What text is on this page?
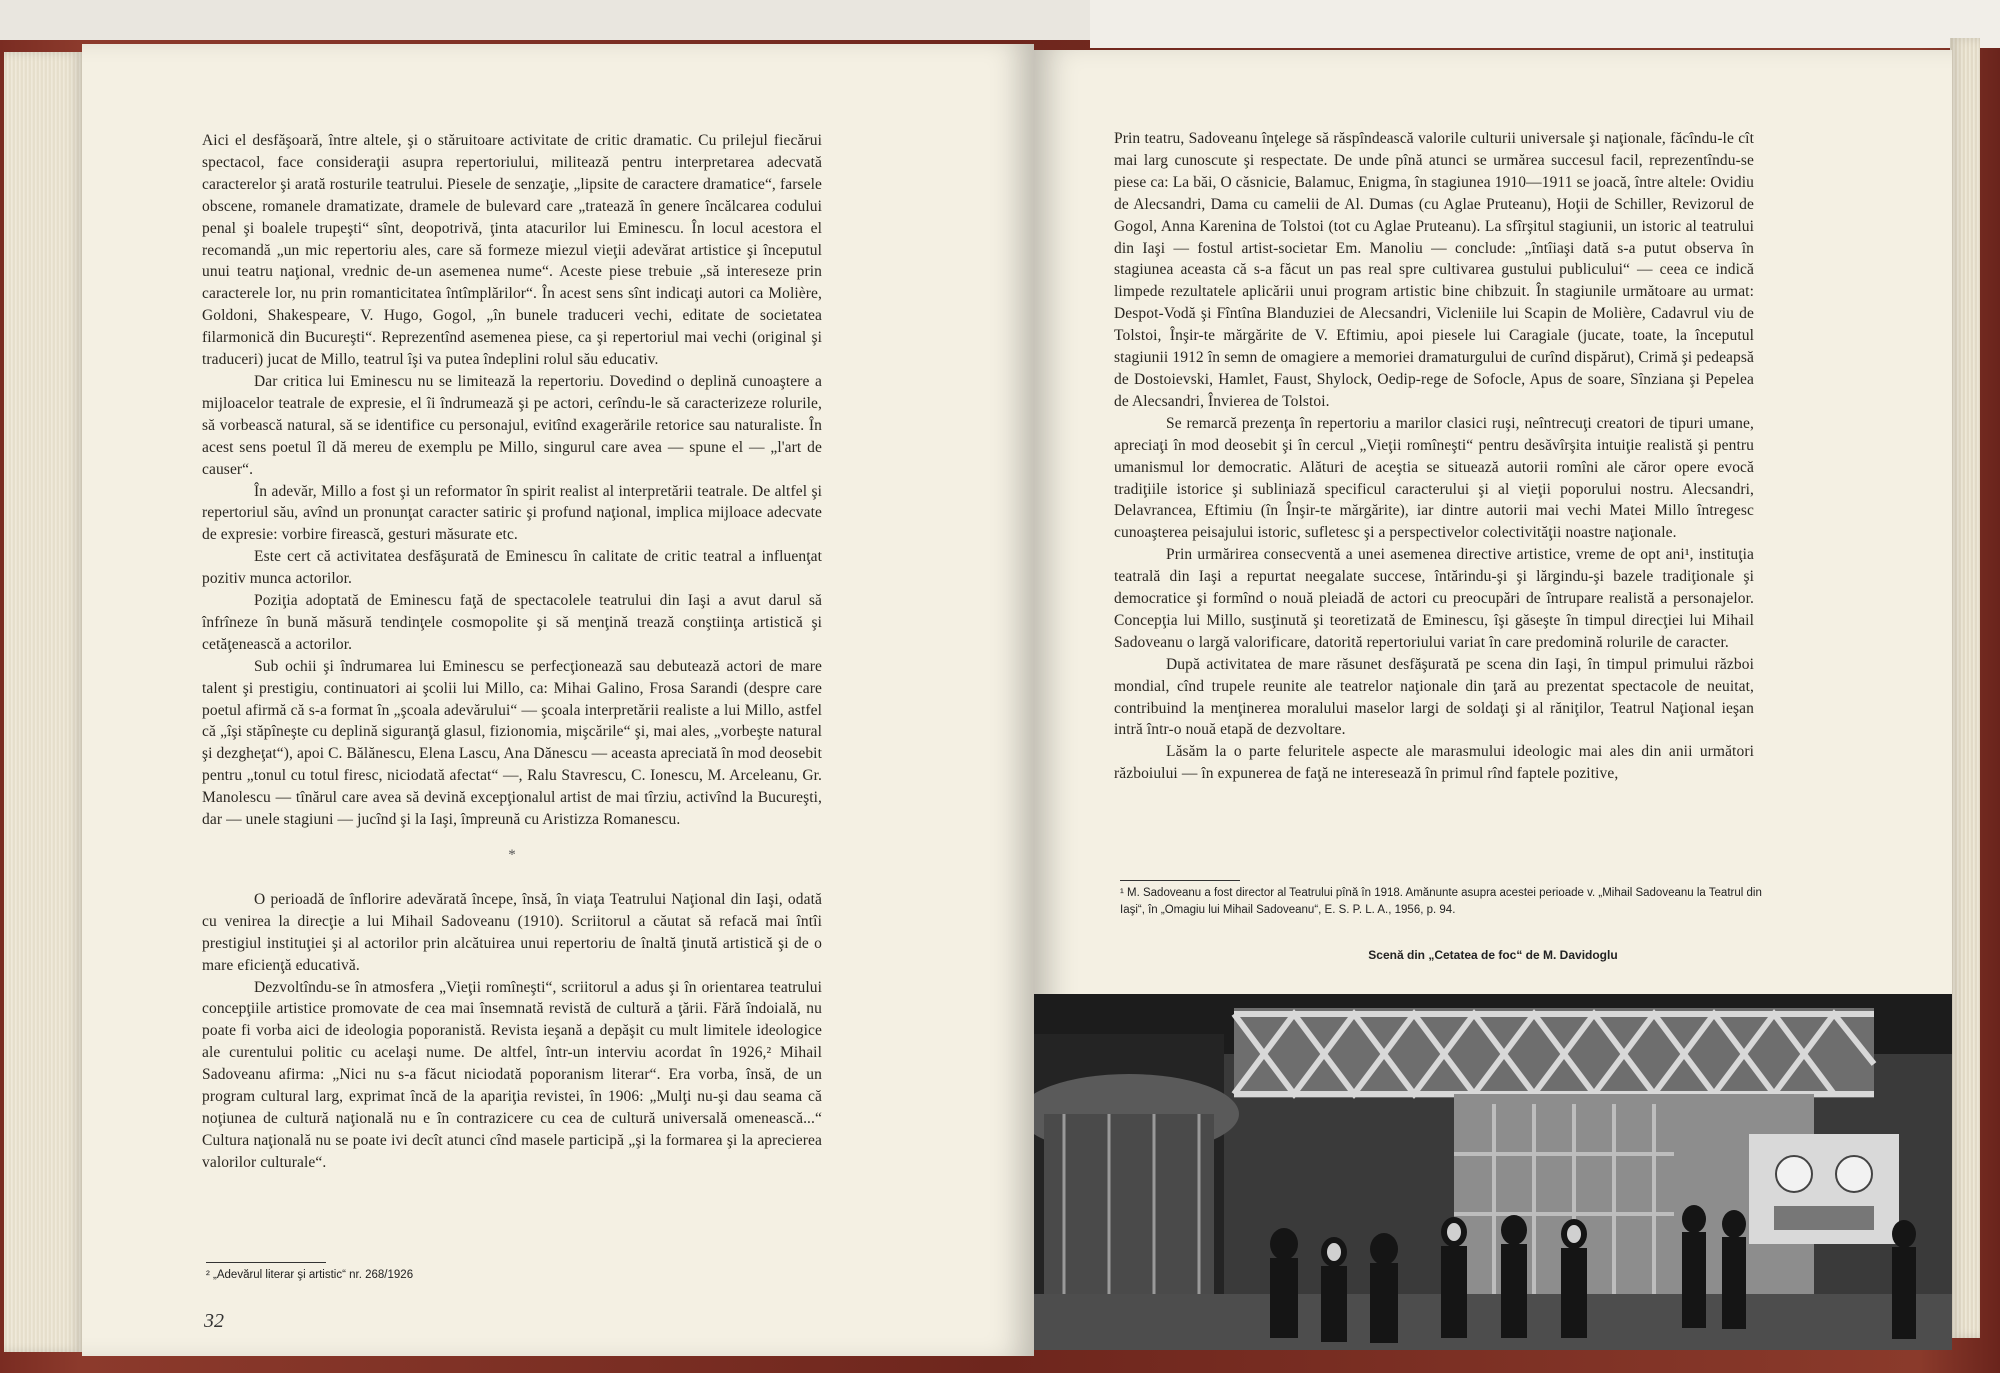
Aici el desfăşoară, între altele, şi o stăruitoare activitate de critic dramatic. Cu prilejul fiecărui spectacol, face consideraţii asupra repertoriului, militează pentru interpretarea adecvată caracterelor şi arată rosturile teatrului. Piesele de senzaţie, „lipsite de caractere dramatice“, farsele obscene, romanele dramatizate, dramele de bulevard care „tratează în genere încălcarea codului penal şi boalele trupeşti“ sînt, deopotrivă, ţinta atacurilor lui Eminescu. În locul acestora el recomandă „un mic repertoriu ales, care să formeze miezul vieţii adevărat artistice şi începutul unui teatru naţional, vrednic de-un asemenea nume“. Aceste piese trebuie „să intereseze prin caracterele lor, nu prin romanticitatea întîmplărilor“. În acest sens sînt indicaţi autori ca Molière, Goldoni, Shakespeare, V. Hugo, Gogol, „în bunele traduceri vechi, editate de societatea filarmonică din Bucureşti“. Reprezentînd asemenea piese, ca şi repertoriul mai vechi (original şi traduceri) jucat de Millo, teatrul îşi va putea îndeplini rolul său educativ.

Dar critica lui Eminescu nu se limitează la repertoriu. Dovedind o deplină cunoaştere a mijloacelor teatrale de expresie, el îi îndrumează şi pe actori, cerîndu-le să caracterizeze rolurile, să vorbească natural, să se identifice cu personajul, evitînd exagerările retorice sau naturaliste. În acest sens poetul îl dă mereu de exemplu pe Millo, singurul care avea — spune el — „l'art de causer“.

În adevăr, Millo a fost şi un reformator în spirit realist al interpretării teatrale. De altfel şi repertoriul său, avînd un pronunţat caracter satiric şi profund naţional, implica mijloace adecvate de expresie: vorbire firească, gesturi măsurate etc.

Este cert că activitatea desfăşurată de Eminescu în calitate de critic teatral a influenţat pozitiv munca actorilor.

Poziţia adoptată de Eminescu faţă de spectacolele teatrului din Iaşi a avut darul să înfrîneze în bună măsură tendinţele cosmopolite şi să menţină trează conştiinţa artistică şi cetăţenească a actorilor.

Sub ochii şi îndrumarea lui Eminescu se perfecţionează sau debutează actori de mare talent şi prestigiu, continuatori ai şcolii lui Millo, ca: Mihai Galino, Frosa Sarandi (despre care poetul afirmă că s-a format în „şcoala adevărului“ — şcoala interpretării realiste a lui Millo, astfel că „îşi stăpîneşte cu deplină siguranţă glasul, fizionomia, mişcările“ şi, mai ales, „vorbeşte natural şi dezgheţat“), apoi C. Bălănescu, Elena Lascu, Ana Dănescu — aceasta apreciată în mod deosebit pentru „tonul cu totul firesc, niciodată afectat“ —, Ralu Stavrescu, C. Ionescu, M. Arceleanu, Gr. Manolescu — tînărul care avea să devină excepţionalul artist de mai tîrziu, activînd la Bucureşti, dar — unele stagiuni — jucînd şi la Iaşi, împreună cu Aristizza Romanescu.

*

O perioadă de înflorire adevărată începe, însă, în viaţa Teatrului Naţional din Iaşi, odată cu venirea la direcţie a lui Mihail Sadoveanu (1910). Scriitorul a căutat să refacă mai întîi prestigiul instituţiei şi al actorilor prin alcătuirea unui repertoriu de înaltă ţinută artistică şi de o mare eficienţă educativă.

Dezvoltîndu-se în atmosfera „Vieţii romîneşti“, scriitorul a adus şi în orientarea teatrului concepţiile artistice promovate de cea mai însemnată revistă de cultură a ţării. Fără îndoială, nu poate fi vorba aici de ideologia poporanistă. Revista ieşană a depăşit cu mult limitele ideologice ale curentului politic cu acelaşi nume. De altfel, într-un interviu acordat în 1926,² Mihail Sadoveanu afirma: „Nici nu s-a făcut niciodată poporanism literar“. Era vorba, însă, de un program cultural larg, exprimat încă de la apariţia revistei, în 1906: „Mulţi nu-şi dau seama că noţiunea de cultură naţională nu e în contrazicere cu cea de cultură universală omenească...“ Cultura naţională nu se poate ivi decît atunci cînd masele participă „şi la formarea şi la aprecierea valorilor culturale“.

² „Adevărul literar şi artistic“ nr. 268/1926
32

Prin teatru, Sadoveanu înţelege să răspîndească valorile culturii universale şi naţionale, făcîndu-le cît mai larg cunoscute şi respectate. De unde pînă atunci se urmărea succesul facil, reprezentîndu-se piese ca: La băi, O căsnicie, Balamuc, Enigma, în stagiunea 1910—1911 se joacă, între altele: Ovidiu de Alecsandri, Dama cu camelii de Al. Dumas (cu Aglae Pruteanu), Hoţii de Schiller, Revizorul de Gogol, Anna Karenina de Tolstoi (tot cu Aglae Pruteanu). La sfîrşitul stagiunii, un istoric al teatrului din Iaşi — fostul artist-societar Em. Manoliu — conclude: „întîiaşi dată s-a putut observa în stagiunea aceasta că s-a făcut un pas real spre cultivarea gustului publicului“ — ceea ce indică limpede rezultatele aplicării unui program artistic bine chibzuit. În stagiunile următoare au urmat: Despot-Vodă şi Fîntîna Blanduziei de Alecsandri, Vicleniile lui Scapin de Molière, Cadavrul viu de Tolstoi, Înşir-te mărgărite de V. Eftimiu, apoi piesele lui Caragiale (jucate, toate, la începutul stagiunii 1912 în semn de omagiere a memoriei dramaturgului de curînd dispărut), Crimă şi pedeapsă de Dostoievski, Hamlet, Faust, Shylock, Oedip-rege de Sofocle, Apus de soare, Sînziana şi Pepelea de Alecsandri, Învierea de Tolstoi.

Se remarcă prezenţa în repertoriu a marilor clasici ruşi, neîntrecuţi creatori de tipuri umane, apreciaţi în mod deosebit şi în cercul „Vieţii romîneşti“ pentru desăvîrşita intuiţie realistă şi pentru umanismul lor democratic. Alături de aceştia se situează autorii romîni ale căror opere evocă tradiţiile istorice şi subliniază specificul caracterului şi al vieţii poporului nostru. Alecsandri, Delavrancea, Eftimiu (în Înşir-te mărgărite), iar dintre autorii mai vechi Matei Millo întregesc cunoaşterea peisajului istoric, sufletesc şi a perspectivelor colectivităţii noastre naţionale.

Prin urmărirea consecventă a unei asemenea directive artistice, vreme de opt ani¹, instituţia teatrală din Iaşi a repurtat neegalate succese, întărindu-şi şi lărgindu-şi bazele tradiţionale şi democratice şi formînd o nouă pleiadă de actori cu preocupări de întrupare realistă a personajelor. Concepţia lui Millo, susţinută şi teoretizată de Eminescu, îşi găseşte în timpul direcţiei lui Mihail Sadoveanu o largă valorificare, datorită repertoriului variat în care predomină rolurile de caracter.

După activitatea de mare răsunet desfăşurată pe scena din Iaşi, în timpul primului război mondial, cînd trupele reunite ale teatrelor naţionale din ţară au prezentat spectacole de neuitat, contribuind la menţinerea moralului maselor largi de soldaţi şi al răniţilor, Teatrul Naţional ieşan intră într-o nouă etapă de dezvoltare.

Lăsăm la o parte feluritele aspecte ale marasmului ideologic mai ales din anii următori războiului — în expunerea de faţă ne interesează în primul rînd faptele pozitive,

¹ M. Sadoveanu a fost director al Teatrului pînă în 1918. Amănunte asupra acestei perioade v. „Mihail Sadoveanu la Teatrul din Iaşi“, în „Omagiu lui Mihail Sadoveanu“, E. S. P. L. A., 1956, p. 94.
Scenă din „Cetatea de foc“ de M. Davidoglu
